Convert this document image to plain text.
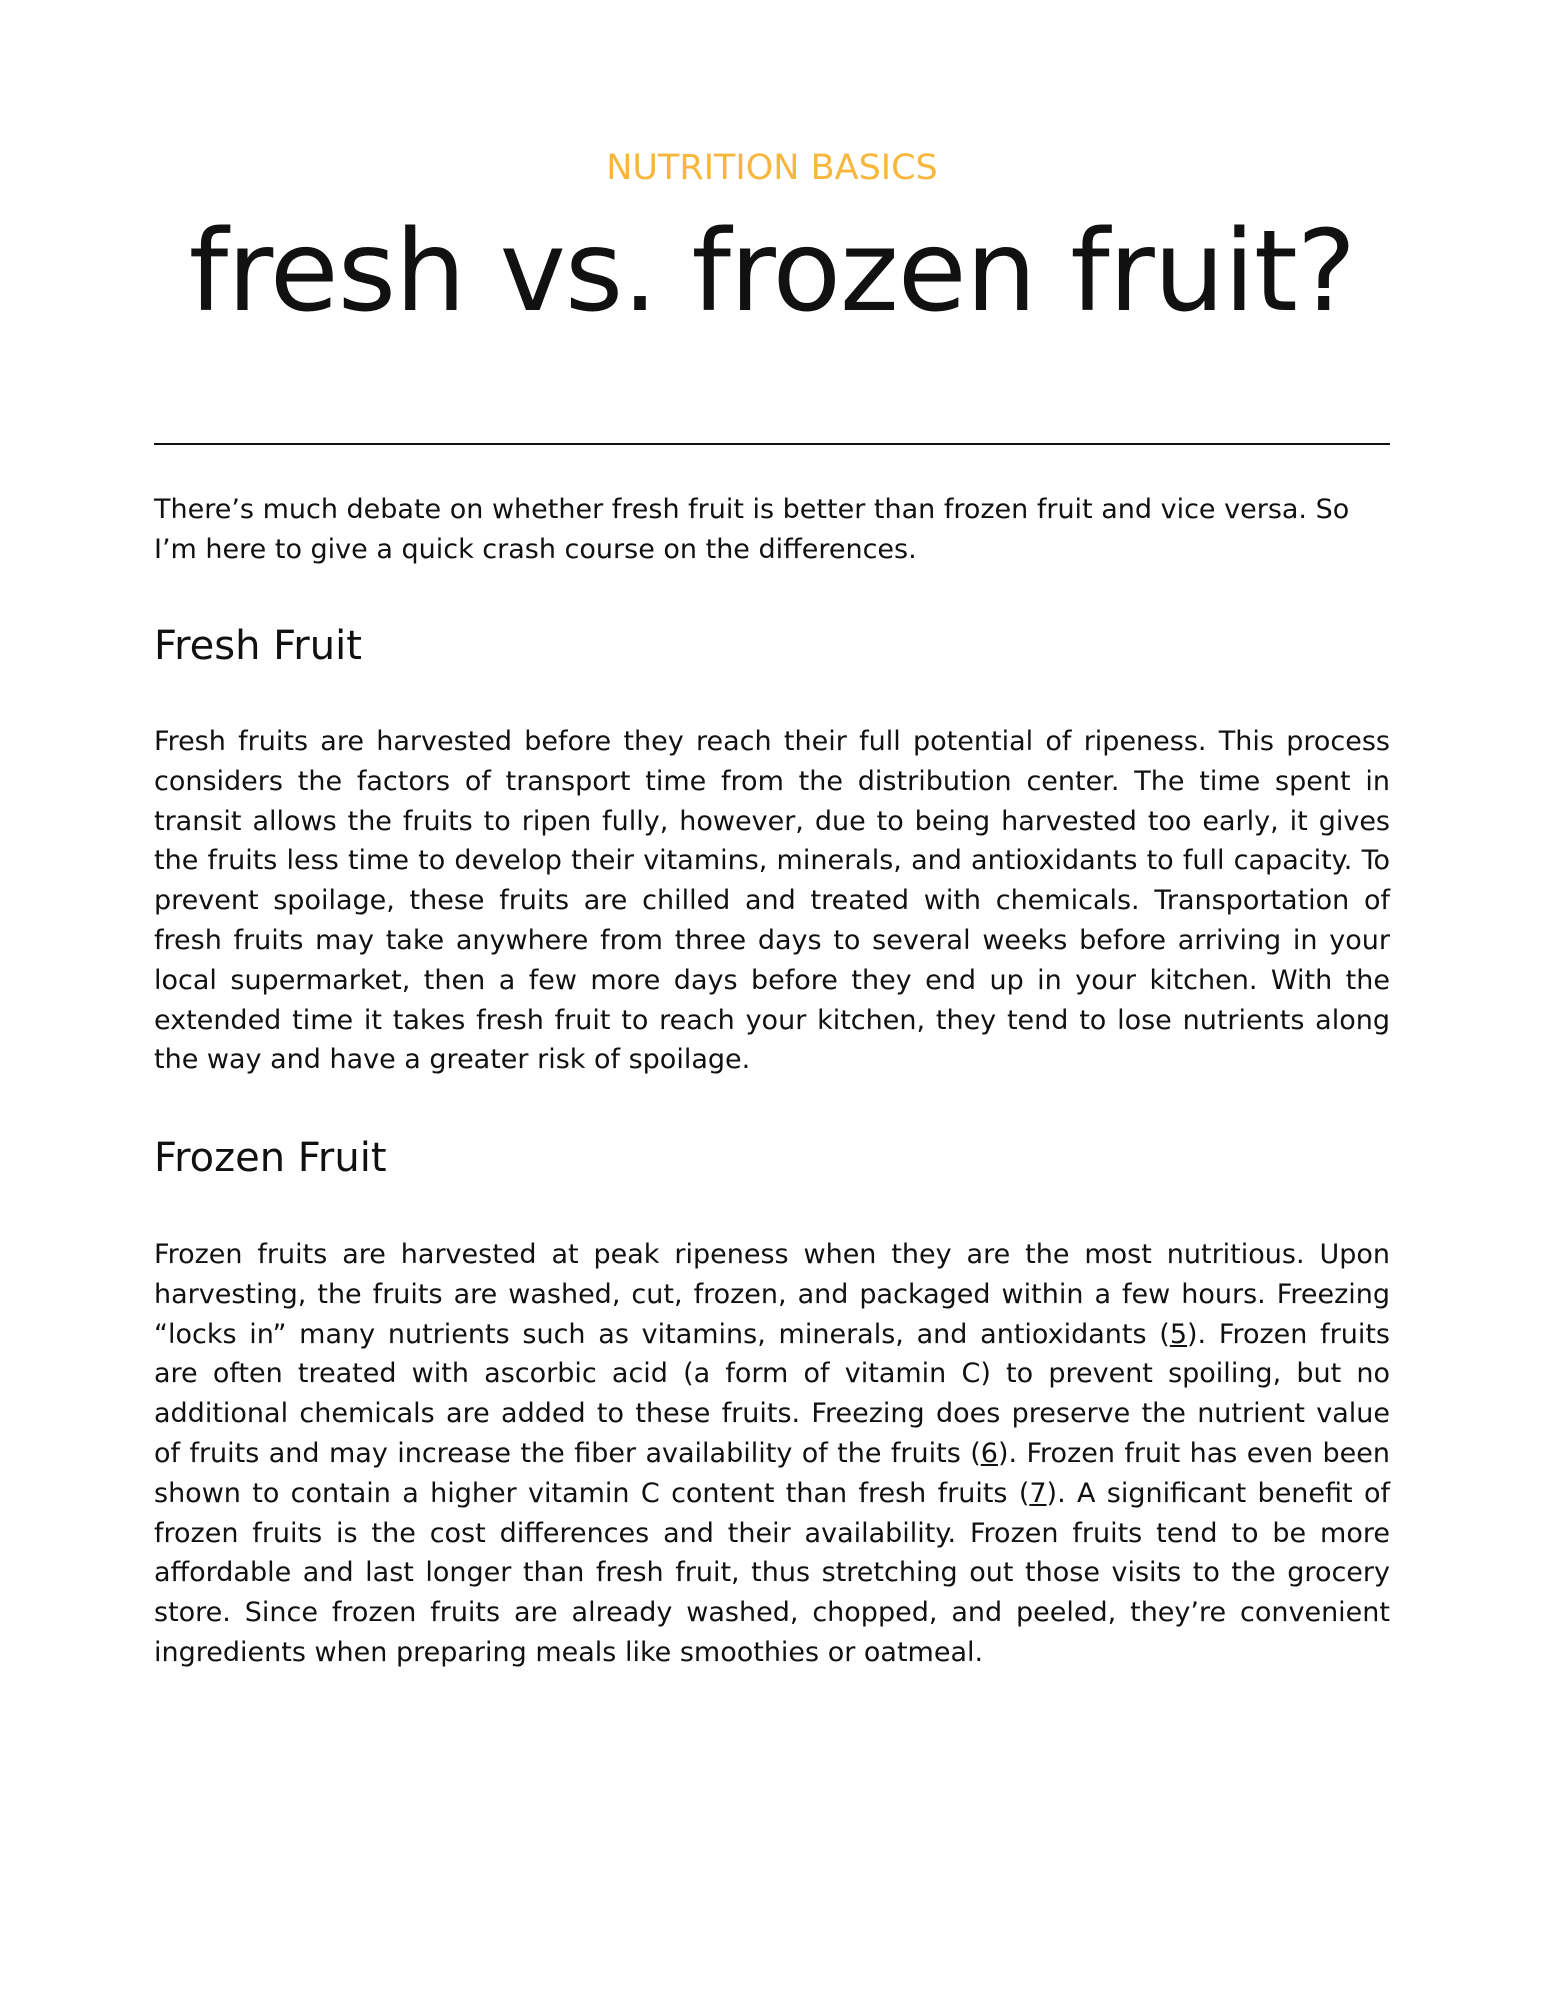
NUTRITION BASICS
fresh vs. frozen fruit?

There’s much debate on whether fresh fruit is better than frozen fruit and vice versa. So I’m here to give a quick crash course on the differences.

Fresh Fruit

Fresh fruits are harvested before they reach their full potential of ripeness. This process considers the factors of transport time from the distribution center. The time spent in transit allows the fruits to ripen fully, however, due to being harvested too early, it gives the fruits less time to develop their vitamins, minerals, and antioxidants to full capacity. To prevent spoilage, these fruits are chilled and treated with chemicals. Transportation of fresh fruits may take anywhere from three days to several weeks before arriving in your local supermarket, then a few more days before they end up in your kitchen. With the extended time it takes fresh fruit to reach your kitchen, they tend to lose nutrients along the way and have a greater risk of spoilage.

Frozen Fruit

Frozen fruits are harvested at peak ripeness when they are the most nutritious. Upon harvesting, the fruits are washed, cut, frozen, and packaged within a few hours. Freezing “locks in” many nutrients such as vitamins, minerals, and antioxidants (5). Frozen fruits are often treated with ascorbic acid (a form of vitamin C) to prevent spoiling, but no additional chemicals are added to these fruits. Freezing does preserve the nutrient value of fruits and may increase the fiber availability of the fruits (6). Frozen fruit has even been shown to contain a higher vitamin C content than fresh fruits (7). A significant benefit of frozen fruits is the cost differences and their availability. Frozen fruits tend to be more affordable and last longer than fresh fruit, thus stretching out those visits to the grocery store. Since frozen fruits are already washed, chopped, and peeled, they’re convenient ingredients when preparing meals like smoothies or oatmeal.
